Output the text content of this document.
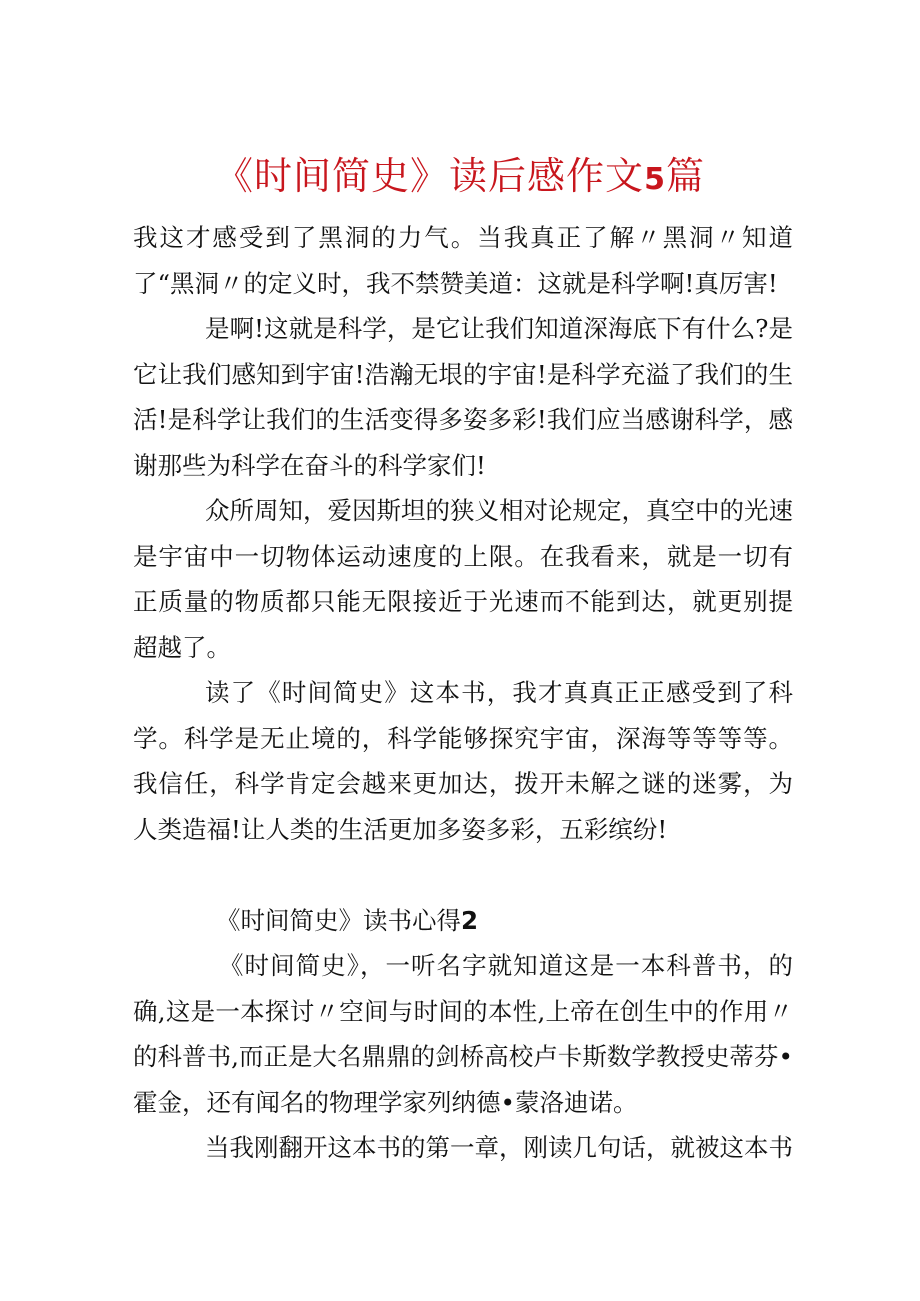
《时间简史》读后感作文5篇

我这才感受到了黑洞的力气。当我真正了解〃黑洞〃知道了“黑洞〃的定义时，我不禁赞美道：这就是科学啊!真厉害!

是啊!这就是科学，是它让我们知道深海底下有什么?是它让我们感知到宇宙!浩瀚无垠的宇宙!是科学充溢了我们的生活!是科学让我们的生活变得多姿多彩!我们应当感谢科学，感谢那些为科学在奋斗的科学家们!

众所周知，爱因斯坦的狭义相对论规定，真空中的光速是宇宙中一切物体运动速度的上限。在我看来，就是一切有正质量的物质都只能无限接近于光速而不能到达，就更别提超越了。

读了《时间简史》这本书，我才真真正正感受到了科学。科学是无止境的，科学能够探究宇宙，深海等等等等。我信任，科学肯定会越来更加达，拨开未解之谜的迷雾，为人类造福!让人类的生活更加多姿多彩，五彩缤纷!

《时间简史》读书心得2

《时间简史》，一听名字就知道这是一本科普书，的确,这是一本探讨〃空间与时间的本性,上帝在创生中的作用〃的科普书,而正是大名鼎鼎的剑桥高校卢卡斯数学教授史蒂芬•霍金，还有闻名的物理学家列纳德•蒙洛迪诺。

当我刚翻开这本书的第一章，刚读几句话，就被这本书
